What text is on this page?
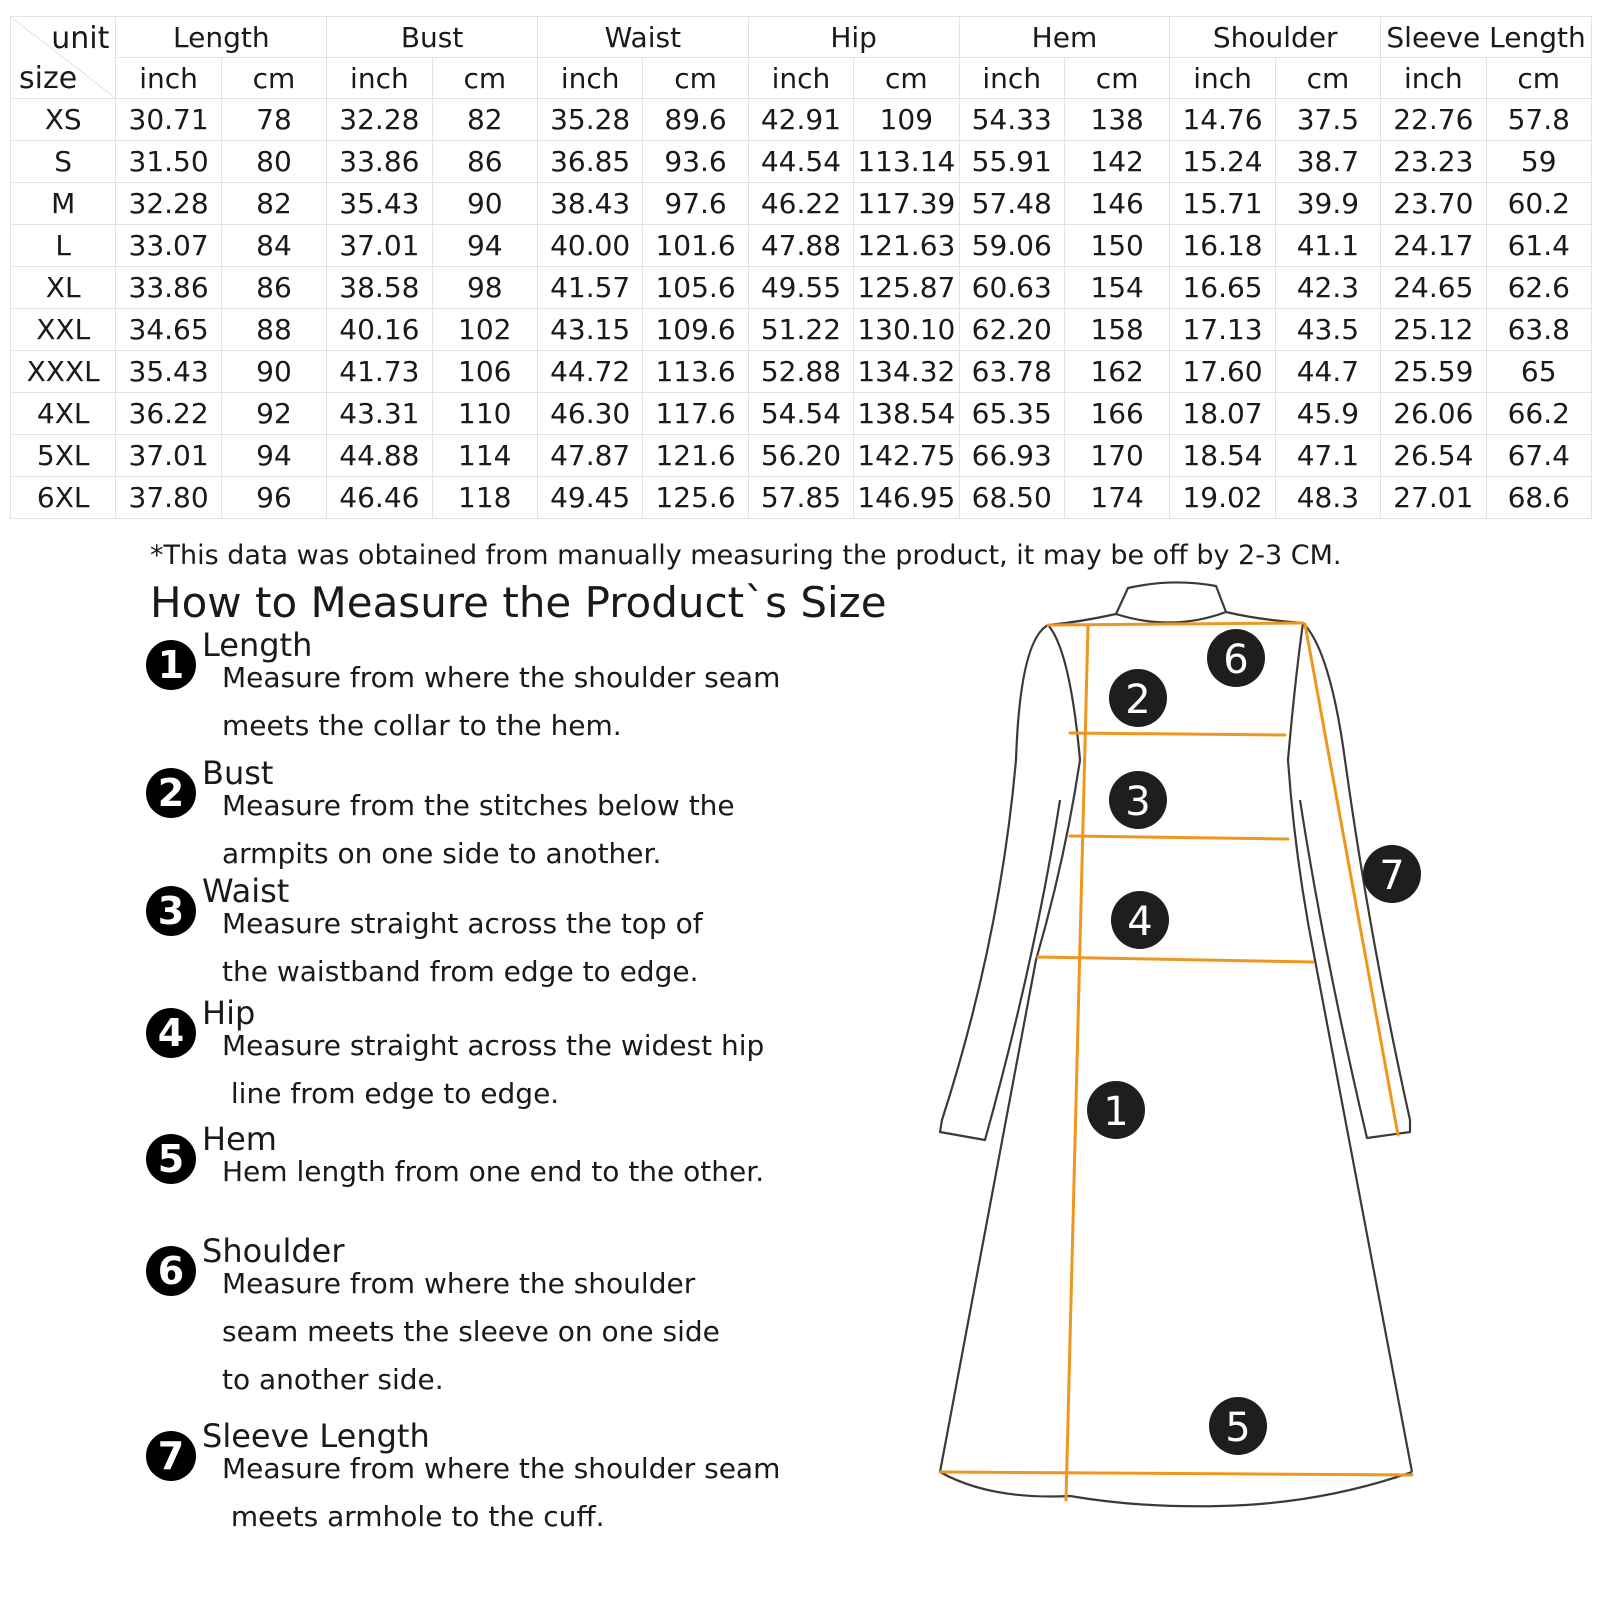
unit
size	Length		Bust		Waist		Hip		Hem		Shoulder		Sleeve Length	
	inch	cm	inch	cm	inch	cm	inch	cm	inch	cm	inch	cm	inch	cm
XS	30.71	78	32.28	82	35.28	89.6	42.91	109	54.33	138	14.76	37.5	22.76	57.8
S	31.50	80	33.86	86	36.85	93.6	44.54	113.14	55.91	142	15.24	38.7	23.23	59
M	32.28	82	35.43	90	38.43	97.6	46.22	117.39	57.48	146	15.71	39.9	23.70	60.2
L	33.07	84	37.01	94	40.00	101.6	47.88	121.63	59.06	150	16.18	41.1	24.17	61.4
XL	33.86	86	38.58	98	41.57	105.6	49.55	125.87	60.63	154	16.65	42.3	24.65	62.6
XXL	34.65	88	40.16	102	43.15	109.6	51.22	130.10	62.20	158	17.13	43.5	25.12	63.8
XXXL	35.43	90	41.73	106	44.72	113.6	52.88	134.32	63.78	162	17.60	44.7	25.59	65
4XL	36.22	92	43.31	110	46.30	117.6	54.54	138.54	65.35	166	18.07	45.9	26.06	66.2
5XL	37.01	94	44.88	114	47.87	121.6	56.20	142.75	66.93	170	18.54	47.1	26.54	67.4
6XL	37.80	96	46.46	118	49.45	125.6	57.85	146.95	68.50	174	19.02	48.3	27.01	68.6
*This data was obtained from manually measuring the product, it may be off by 2-3 CM.
How to Measure the Product`s Size
1 Length
Measure from where the shoulder seam
meets the collar to the hem.
2 Bust
Measure from the stitches below the
armpits on one side to another.
3 Waist
Measure straight across the top of
the waistband from edge to edge.
4 Hip
Measure straight across the widest hip
line from edge to edge.
5 Hem
Hem length from one end to the other.
6 Shoulder
Measure from where the shoulder
seam meets the sleeve on one side
to another side.
7 Sleeve Length
Measure from where the shoulder seam
meets armhole to the cuff.
1
2
3
4
5
6
7
